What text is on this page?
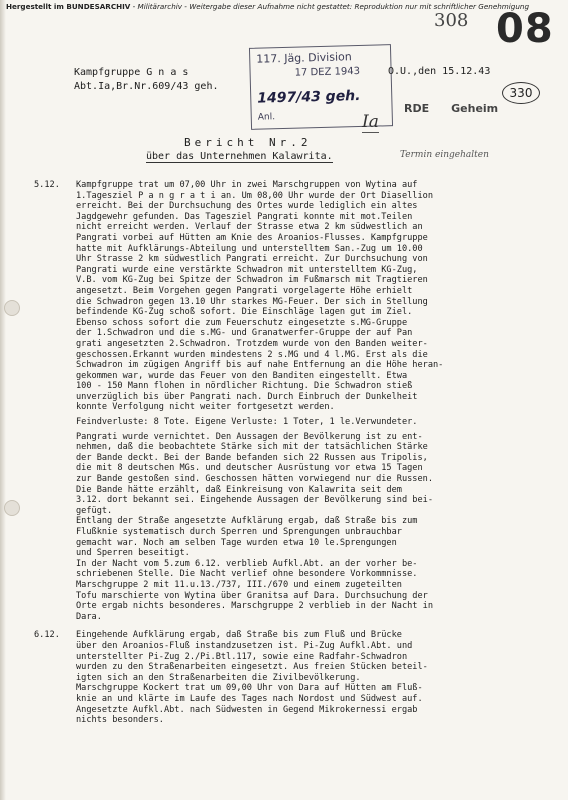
Hergestellt im BUNDESARCHIV - Militärarchiv - Weitergabe dieser Aufnahme nicht gestattet: Reproduktion nur mit schriftlicher Genehmigung
308 08
Kampfgruppe G n a s
Abt.Ia,Br.Nr.609/43 geh.
117. Jäg. Division
17 DEZ 1943
1497/43 geh.
Anl.
O.U.,den 15.12.43
330
Ia
RDE Geheim
Bericht Nr.2
über das Unternehmen Kalawrita.	Termin eingehalten
5.12. Kampfgruppe trat um 07,00 Uhr in zwei Marschgruppen von Wytina auf
1.Tagesziel P a n g r a t i an. Um 08,00 Uhr wurde der Ort Diasellion
erreicht. Bei der Durchsuchung des Ortes wurde lediglich ein altes
Jagdgewehr gefunden. Das Tagesziel Pangrati konnte mit mot.Teilen
nicht erreicht werden. Verlauf der Strasse etwa 2 km südwestlich an
Pangrati vorbei auf Hütten am Knie des Aroanios-Flusses. Kampfgruppe
hatte mit Aufklärungs-Abteilung und unterstelltem San.-Zug um 10.00
Uhr Strasse 2 km südwestlich Pangrati erreicht. Zur Durchsuchung von
Pangrati wurde eine verstärkte Schwadron mit unterstelltem KG-Zug,
V.B. vom KG-Zug bei Spitze der Schwadron im Fußmarsch mit Tragtieren
angesetzt. Beim Vorgehen gegen Pangrati vorgelagerte Höhe erhielt
die Schwadron gegen 13.10 Uhr starkes MG-Feuer. Der sich in Stellung
befindende KG-Zug schoß sofort. Die Einschläge lagen gut im Ziel.
Ebenso schoss sofort die zum Feuerschutz eingesetzte s.MG-Gruppe
der 1.Schwadron und die s.MG- und Granatwerfer-Gruppe der auf Pan
grati angesetzten 2.Schwadron. Trotzdem wurde von den Banden weiter-
geschossen.Erkannt wurden mindestens 2 s.MG und 4 l.MG. Erst als die
Schwadron im zügigen Angriff bis auf nahe Entfernung an die Höhe heran-
gekommen war, wurde das Feuer von den Banditen eingestellt. Etwa
100 - 150 Mann flohen in nördlicher Richtung. Die Schwadron stieß
unverzüglich bis über Pangrati nach. Durch Einbruch der Dunkelheit
konnte Verfolgung nicht weiter fortgesetzt werden.
Feindverluste: 8 Tote. Eigene Verluste: 1 Toter, 1 le.Verwundeter.
Pangrati wurde vernichtet. Den Aussagen der Bevölkerung ist zu ent-
nehmen, daß die beobachtete Stärke sich mit der tatsächlichen Stärke
der Bande deckt. Bei der Bande befanden sich 22 Russen aus Tripolis,
die mit 8 deutschen MGs. und deutscher Ausrüstung vor etwa 15 Tagen
zur Bande gestoßen sind. Geschossen hätten vorwiegend nur die Russen.
Die Bande hätte erzählt, daß Einkreisung von Kalawrita seit dem
3.12. dort bekannt sei. Eingehende Aussagen der Bevölkerung sind bei-
gefügt.
Entlang der Straße angesetzte Aufklärung ergab, daß Straße bis zum
Flußknie systematisch durch Sperren und Sprengungen unbrauchbar
gemacht war. Noch am selben Tage wurden etwa 10 le.Sprengungen
und Sperren beseitigt.
In der Nacht vom 5.zum 6.12. verblieb Aufkl.Abt. an der vorher be-
schriebenen Stelle. Die Nacht verlief ohne besondere Vorkommnisse.
Marschgruppe 2 mit 11.u.13./737, III./670 und einem zugeteilten
Tofu marschierte von Wytina über Granitsa auf Dara. Durchsuchung der
Orte ergab nichts besonderes. Marschgruppe 2 verblieb in der Nacht in
Dara.
6.12. Eingehende Aufklärung ergab, daß Straße bis zum Fluß und Brücke
über den Aroanios-Fluß instandzusetzen ist. Pi-Zug Aufkl.Abt. und
unterstellter Pi-Zug 2./Pi.Btl.117, sowie eine Radfahr-Schwadron
wurden zu den Straßenarbeiten eingesetzt. Aus freien Stücken beteil-
igten sich an den Straßenarbeiten die Zivilbevölkerung.
Marschgruppe Kockert trat um 09,00 Uhr von Dara auf Hütten am Fluß-
knie an und klärte im Laufe des Tages nach Nordost und Südwest auf.
Angesetzte Aufkl.Abt. nach Südwesten in Gegend Mikrokernessi ergab
nichts besonders.
